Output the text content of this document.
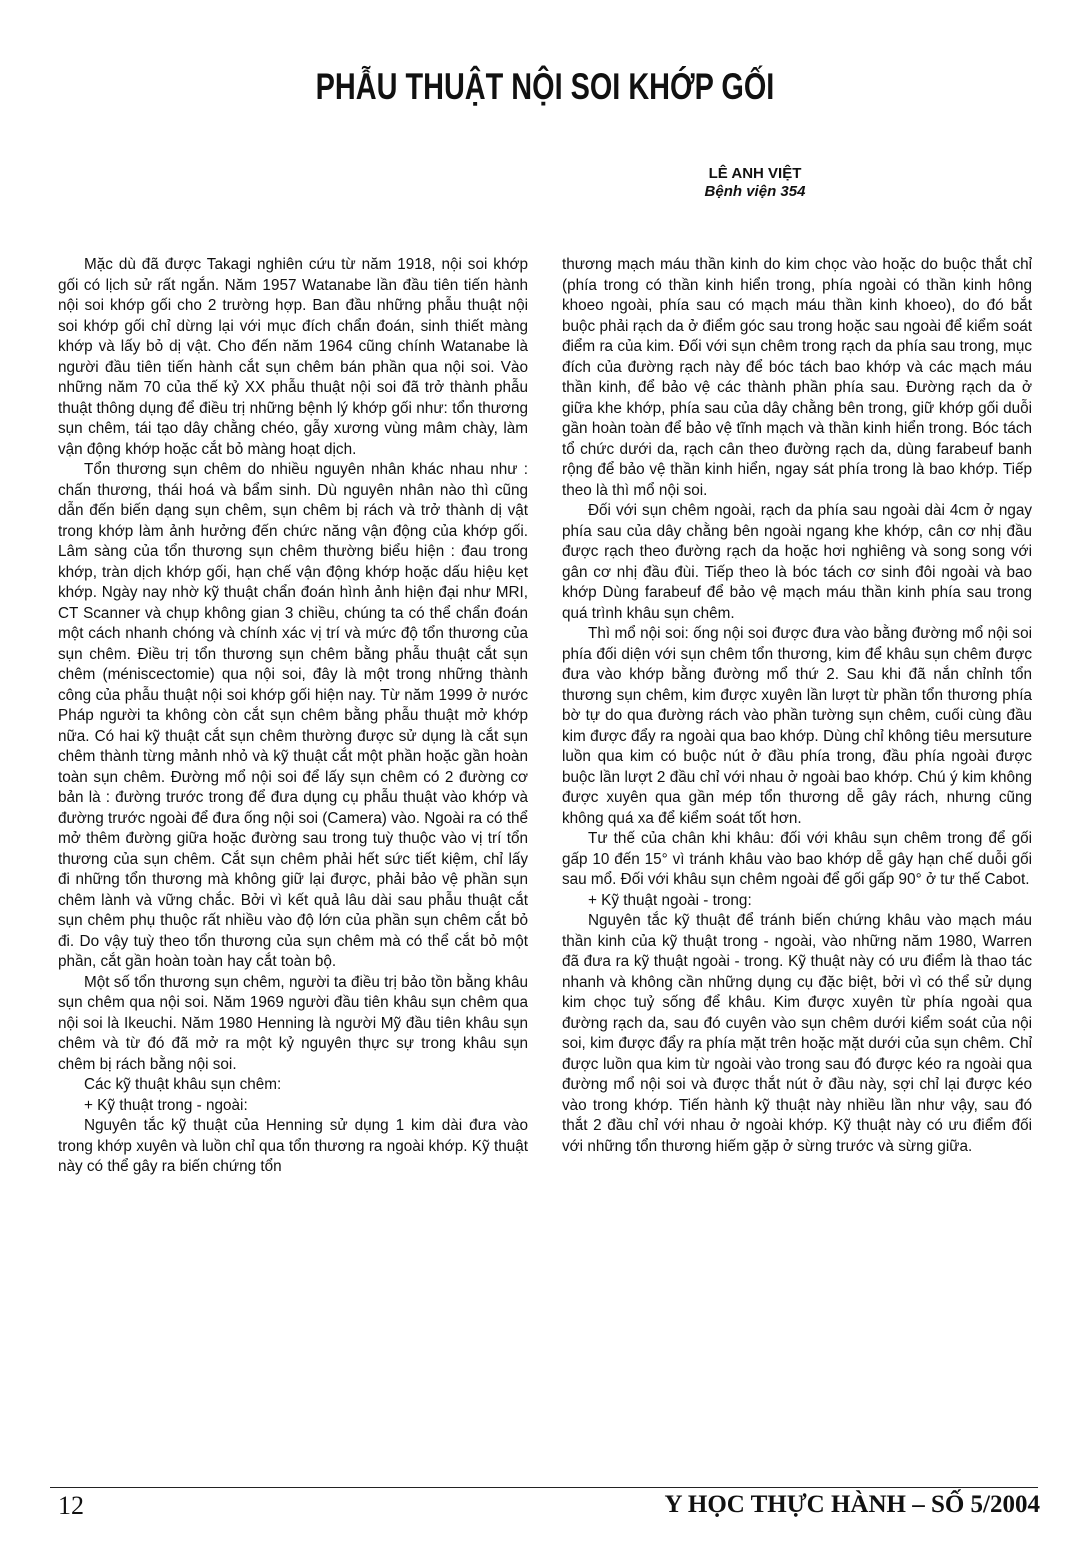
PHẪU THUẬT NỘI SOI KHỚP GỐI
LÊ ANH VIỆT
Bệnh viện 354

Mặc dù đã được Takagi nghiên cứu từ năm 1918, nội soi khớp gối có lịch sử rất ngắn. Năm 1957 Watanabe lần đầu tiên tiến hành nội soi khớp gối cho 2 trường hợp. Ban đầu những phẫu thuật nội soi khớp gối chỉ dừng lại với mục đích chẩn đoán, sinh thiết màng khớp và lấy bỏ dị vật. Cho đến năm 1964 cũng chính Watanabe là người đầu tiên tiến hành cắt sụn chêm bán phần qua nội soi. Vào những năm 70 của thế kỷ XX phẫu thuật nội soi đã trở thành phẫu thuật thông dụng để điều trị những bệnh lý khớp gối như: tổn thương sụn chêm, tái tạo dây chằng chéo, gẫy xương vùng mâm chày, làm vận động khớp hoặc cắt bỏ màng hoạt dịch.

Tổn thương sụn chêm do nhiều nguyên nhân khác nhau như : chấn thương, thái hoá và bẩm sinh. Dù nguyên nhân nào thì cũng dẫn đến biến dạng sụn chêm, sụn chêm bị rách và trở thành dị vật trong khớp làm ảnh hưởng đến chức năng vận động của khớp gối. Lâm sàng của tổn thương sụn chêm thường biểu hiện : đau trong khớp, tràn dịch khớp gối, hạn chế vận động khớp hoặc dấu hiệu kẹt khớp. Ngày nay nhờ kỹ thuật chẩn đoán hình ảnh hiện đại như MRI, CT Scanner và chụp không gian 3 chiều, chúng ta có thể chẩn đoán một cách nhanh chóng và chính xác vị trí và mức độ tổn thương của sụn chêm. Điều trị tổn thương sụn chêm bằng phẫu thuật cắt sụn chêm (méniscectomie) qua nội soi, đây là một trong những thành công của phẫu thuật nội soi khớp gối hiện nay. Từ năm 1999 ở nước Pháp người ta không còn cắt sụn chêm bằng phẫu thuật mở khớp nữa. Có hai kỹ thuật cắt sụn chêm thường được sử dụng là cắt sụn chêm thành từng mảnh nhỏ và kỹ thuật cắt một phần hoặc gần hoàn toàn sụn chêm. Đường mổ nội soi để lấy sụn chêm có 2 đường cơ bản là : đường trước trong để đưa dụng cụ phẫu thuật vào khớp và đường trước ngoài để đưa ống nội soi (Camera) vào. Ngoài ra có thể mở thêm đường giữa hoặc đường sau trong tuỳ thuộc vào vị trí tổn thương của sụn chêm. Cắt sụn chêm phải hết sức tiết kiệm, chỉ lấy đi những tổn thương mà không giữ lại được, phải bảo vệ phần sụn chêm lành và vững chắc. Bởi vì kết quả lâu dài sau phẫu thuật cắt sụn chêm phụ thuộc rất nhiều vào độ lớn của phần sụn chêm cắt bỏ đi. Do vậy tuỳ theo tổn thương của sụn chêm mà có thể cắt bỏ một phần, cắt gần hoàn toàn hay cắt toàn bộ.

Một số tổn thương sụn chêm, người ta điều trị bảo tồn bằng khâu sụn chêm qua nội soi. Năm 1969 người đầu tiên khâu sụn chêm qua nội soi là Ikeuchi. Năm 1980 Henning là người Mỹ đầu tiên khâu sụn chêm và từ đó đã mở ra một kỷ nguyên thực sự trong khâu sụn chêm bị rách bằng nội soi.

Các kỹ thuật khâu sụn chêm:

+ Kỹ thuật trong - ngoài:

Nguyên tắc kỹ thuật của Henning sử dụng 1 kim dài đưa vào trong khớp xuyên và luồn chỉ qua tổn thương ra ngoài khớp. Kỹ thuật này có thể gây ra biến chứng tổn

thương mạch máu thần kinh do kim chọc vào hoặc do buộc thắt chỉ (phía trong có thần kinh hiển trong, phía ngoài có thần kinh hông khoeo ngoài, phía sau có mạch máu thần kinh khoeo), do đó bắt buộc phải rạch da ở điểm góc sau trong hoặc sau ngoài để kiểm soát điểm ra của kim. Đối với sụn chêm trong rạch da phía sau trong, mục đích của đường rạch này để bóc tách bao khớp và các mạch máu thần kinh, để bảo vệ các thành phần phía sau. Đường rạch da ở giữa khe khớp, phía sau của dây chằng bên trong, giữ khớp gối duỗi gần hoàn toàn để bảo vệ tĩnh mạch và thần kinh hiển trong. Bóc tách tổ chức dưới da, rạch cân theo đường rạch da, dùng farabeuf banh rộng để bảo vệ thần kinh hiển, ngay sát phía trong là bao khớp. Tiếp theo là thì mổ nội soi.

Đối với sụn chêm ngoài, rạch da phía sau ngoài dài 4cm ở ngay phía sau của dây chằng bên ngoài ngang khe khớp, cân cơ nhị đầu được rạch theo đường rạch da hoặc hơi nghiêng và song song với gân cơ nhị đầu đùi. Tiếp theo là bóc tách cơ sinh đôi ngoài và bao khớp Dùng farabeuf để bảo vệ mạch máu thần kinh phía sau trong quá trình khâu sụn chêm.

Thì mổ nội soi: ống nội soi được đưa vào bằng đường mổ nội soi phía đối diện với sụn chêm tổn thương, kim để khâu sụn chêm được đưa vào khớp bằng đường mổ thứ 2. Sau khi đã nắn chỉnh tổn thương sụn chêm, kim được xuyên lần lượt từ phần tổn thương phía bờ tự do qua đường rách vào phần tường sụn chêm, cuối cùng đầu kim được đẩy ra ngoài qua bao khớp. Dùng chỉ không tiêu mersuture luồn qua kim có buộc nút ở đầu phía trong, đầu phía ngoài được buộc lần lượt 2 đầu chỉ với nhau ở ngoài bao khớp. Chú ý kim không được xuyên qua gần mép tổn thương dễ gây rách, nhưng cũng không quá xa để kiểm soát tốt hơn.

Tư thế của chân khi khâu: đối với khâu sụn chêm trong để gối gấp 10 đến 15° vì tránh khâu vào bao khớp dễ gây hạn chế duỗi gối sau mổ. Đối với khâu sụn chêm ngoài để gối gấp 90° ở tư thế Cabot.

+ Kỹ thuật ngoài - trong:

Nguyên tắc kỹ thuật để tránh biến chứng khâu vào mạch máu thần kinh của kỹ thuật trong - ngoài, vào những năm 1980, Warren đã đưa ra kỹ thuật ngoài - trong. Kỹ thuật này có ưu điểm là thao tác nhanh và không cần những dụng cụ đặc biệt, bởi vì có thể sử dụng kim chọc tuỷ sống để khâu. Kim được xuyên từ phía ngoài qua đường rạch da, sau đó cuyên vào sụn chêm dưới kiểm soát của nội soi, kim được đẩy ra phía mặt trên hoặc mặt dưới của sụn chêm. Chỉ được luồn qua kim từ ngoài vào trong sau đó được kéo ra ngoài qua đường mổ nội soi và được thắt nút ở đầu này, sợi chỉ lại được kéo vào trong khớp. Tiến hành kỹ thuật này nhiều lần như vậy, sau đó thắt 2 đầu chỉ với nhau ở ngoài khớp. Kỹ thuật này có ưu điểm đối với những tổn thương hiếm gặp ở sừng trước và sừng giữa.

12	Y HỌC THỰC HÀNH – SỐ 5/2004
